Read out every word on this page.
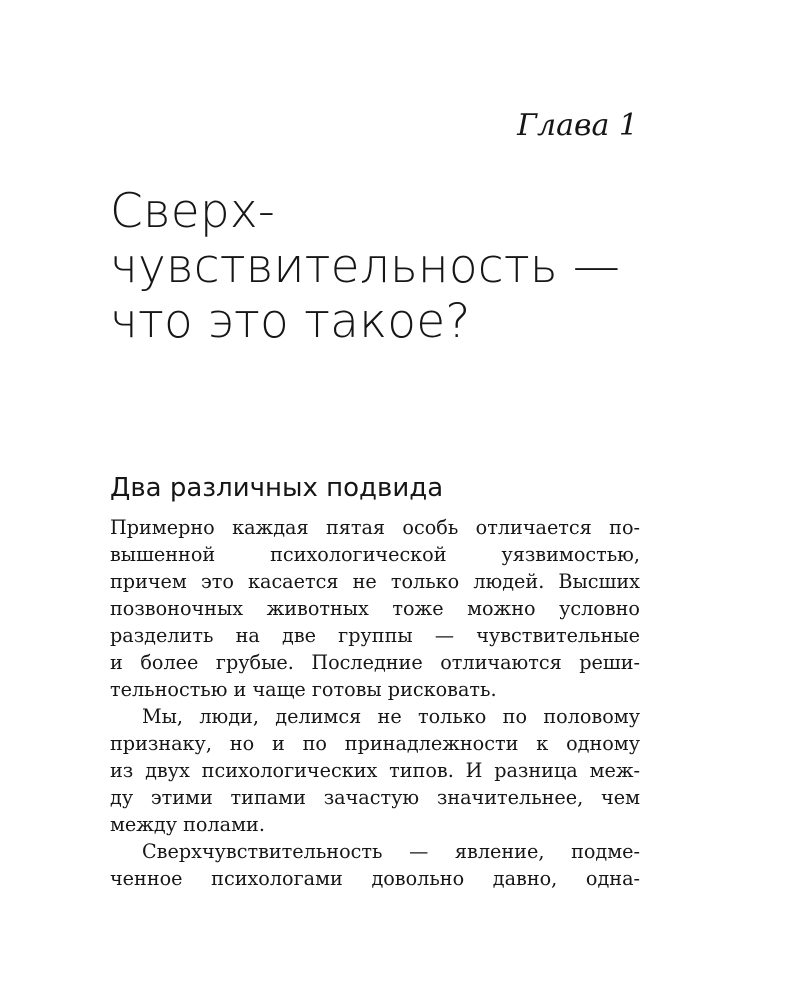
Глава 1
Сверх-
чувствительность —
что это такое?
Два различных подвида
Примерно каждая пятая особь отличается по-
вышенной психологической уязвимостью,
причем это касается не только людей. Высших
позвоночных животных тоже можно условно
разделить на две группы — чувствительные
и более грубые. Последние отличаются реши-
тельностью и чаще готовы рисковать.
Мы, люди, делимся не только по половому
признаку, но и по принадлежности к одному
из двух психологических типов. И разница меж-
ду этими типами зачастую значительнее, чем
между полами.
Сверхчувствительность — явление, подме-
ченное психологами довольно давно, одна-
